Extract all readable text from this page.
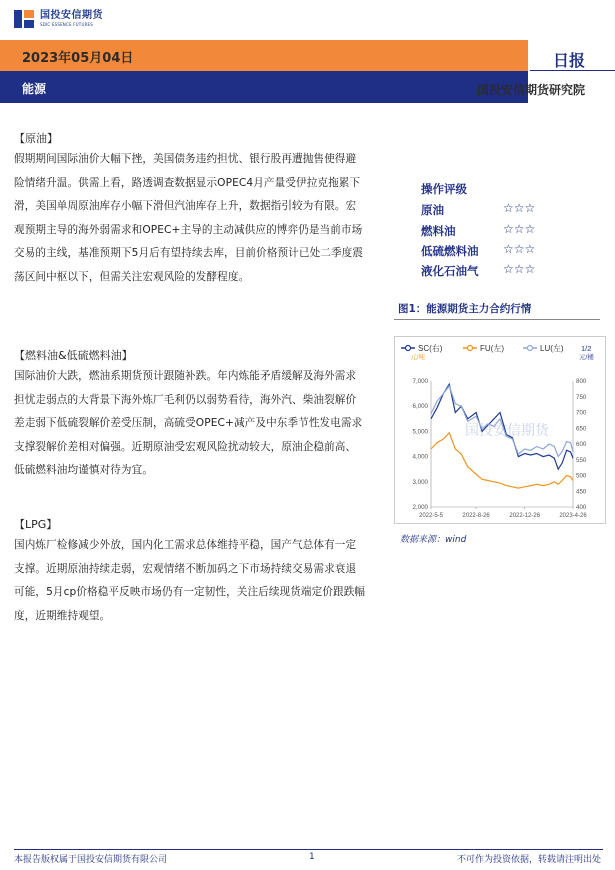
国投安信期货
SDIC ESSENCE FUTURES
2023年05月04日
能源
日报
国投安信期货研究院
【原油】
假期期间国际油价大幅下挫，美国债务违约担忧、银行股再遭抛售使得避险情绪升温。供需上看，路透调查数据显示OPEC4月产量受伊拉克拖累下滑，美国单周原油库存小幅下滑但汽油库存上升，数据指引较为有限。宏观预期主导的海外弱需求和OPEC+主导的主动减供应的博弈仍是当前市场交易的主线，基准预期下5月后有望持续去库，目前价格预计已处二季度震荡区间中枢以下，但需关注宏观风险的发酵程度。
【燃料油&低硫燃料油】
国际油价大跌，燃油系期货预计跟随补跌。年内炼能矛盾缓解及海外需求担忧走弱点的大背景下海外炼厂毛利仍以弱势看待，海外汽、柴油裂解价差走弱下低硫裂解价差受压制，高硫受OPEC+减产及中东季节性发电需求支撑裂解价差相对偏强。近期原油受宏观风险扰动较大，原油企稳前高、低硫燃料油均谨慎对待为宜。
【LPG】
国内炼厂检修减少外放，国内化工需求总体维持平稳，国产气总体有一定支撑。近期原油持续走弱，宏观情绪不断加码之下市场持续交易需求衰退可能，5月cp价格稳平反映市场仍有一定韧性，关注后续现货端定价跟跌幅度，近期维持观望。
操作评级
原油	☆☆☆
燃料油	☆☆☆
低硫燃料油 ☆☆☆
液化石油气 ☆☆☆
图1：能源期货主力合约行情
国投安信期货
SC(右)	FU(左)	LU(左) 1/2
元/吨	元/桶
2,000
3,000
4,000
5,000
6,000
7,000
400
450
500
550
600
650
700
750
800
2022-5-5	2022-8-26	2022-12-26	2023-4-26
数据来源：wind
本报告版权属于国投安信期货有限公司	1	不可作为投资依据，转载请注明出处
